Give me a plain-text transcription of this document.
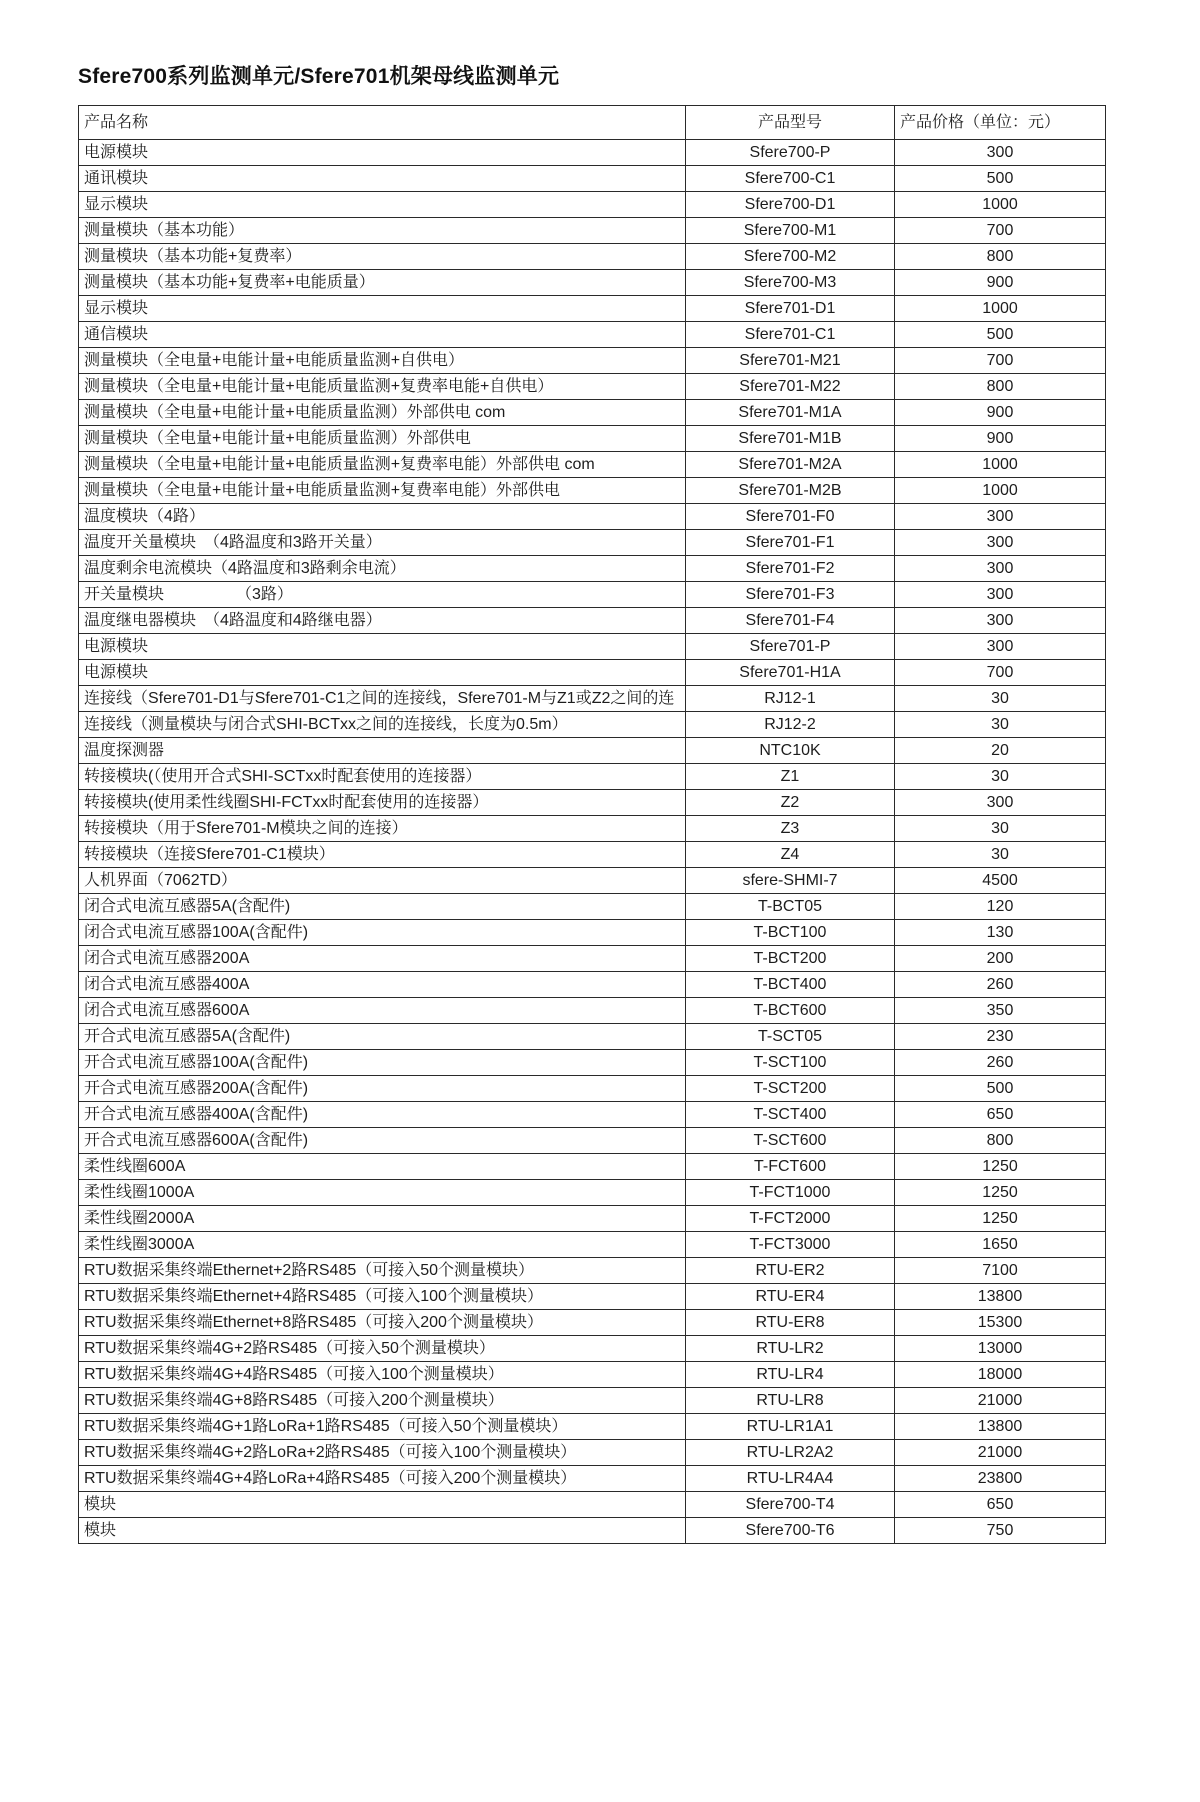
Sfere700系列监测单元/Sfere701机架母线监测单元
产品名称	产品型号	产品价格（单位：元）
电源模块	Sfere700-P	300
通讯模块	Sfere700-C1	500
显示模块	Sfere700-D1	1000
测量模块（基本功能）	Sfere700-M1	700
测量模块（基本功能+复费率）	Sfere700-M2	800
测量模块（基本功能+复费率+电能质量）	Sfere700-M3	900
显示模块	Sfere701-D1	1000
通信模块	Sfere701-C1	500
测量模块（全电量+电能计量+电能质量监测+自供电）	Sfere701-M21	700
测量模块（全电量+电能计量+电能质量监测+复费率电能+自供电）	Sfere701-M22	800
测量模块（全电量+电能计量+电能质量监测）外部供电 com	Sfere701-M1A	900
测量模块（全电量+电能计量+电能质量监测）外部供电	Sfere701-M1B	900
测量模块（全电量+电能计量+电能质量监测+复费率电能）外部供电 com	Sfere701-M2A	1000
测量模块（全电量+电能计量+电能质量监测+复费率电能）外部供电	Sfere701-M2B	1000
温度模块（4路）	Sfere701-F0	300
温度开关量模块　（4路温度和3路开关量）	Sfere701-F1	300
温度剩余电流模块（4路温度和3路剩余电流）	Sfere701-F2	300
开关量模块　　　　　（3路）	Sfere701-F3	300
温度继电器模块　（4路温度和4路继电器）	Sfere701-F4	300
电源模块	Sfere701-P	300
电源模块	Sfere701-H1A	700
连接线（Sfere701-D1与Sfere701-C1之间的连接线，Sfere701-M与Z1或Z2之间的连	RJ12-1	30
连接线（测量模块与闭合式SHI-BCTxx之间的连接线，长度为0.5m）	RJ12-2	30
温度探测器	NTC10K	20
转接模块(（使用开合式SHI-SCTxx时配套使用的连接器）	Z1	30
转接模块(使用柔性线圈SHI-FCTxx时配套使用的连接器）	Z2	300
转接模块（用于Sfere701-M模块之间的连接）	Z3	30
转接模块（连接Sfere701-C1模块）	Z4	30
人机界面（7062TD）	sfere-SHMI-7	4500
闭合式电流互感器5A(含配件)	T-BCT05	120
闭合式电流互感器100A(含配件)	T-BCT100	130
闭合式电流互感器200A	T-BCT200	200
闭合式电流互感器400A	T-BCT400	260
闭合式电流互感器600A	T-BCT600	350
开合式电流互感器5A(含配件)	T-SCT05	230
开合式电流互感器100A(含配件)	T-SCT100	260
开合式电流互感器200A(含配件)	T-SCT200	500
开合式电流互感器400A(含配件)	T-SCT400	650
开合式电流互感器600A(含配件)	T-SCT600	800
柔性线圈600A	T-FCT600	1250
柔性线圈1000A	T-FCT1000	1250
柔性线圈2000A	T-FCT2000	1250
柔性线圈3000A	T-FCT3000	1650
RTU数据采集终端Ethernet+2路RS485（可接入50个测量模块）	RTU-ER2	7100
RTU数据采集终端Ethernet+4路RS485（可接入100个测量模块）	RTU-ER4	13800
RTU数据采集终端Ethernet+8路RS485（可接入200个测量模块）	RTU-ER8	15300
RTU数据采集终端4G+2路RS485（可接入50个测量模块）	RTU-LR2	13000
RTU数据采集终端4G+4路RS485（可接入100个测量模块）	RTU-LR4	18000
RTU数据采集终端4G+8路RS485（可接入200个测量模块）	RTU-LR8	21000
RTU数据采集终端4G+1路LoRa+1路RS485（可接入50个测量模块）	RTU-LR1A1	13800
RTU数据采集终端4G+2路LoRa+2路RS485（可接入100个测量模块）	RTU-LR2A2	21000
RTU数据采集终端4G+4路LoRa+4路RS485（可接入200个测量模块）	RTU-LR4A4	23800
模块	Sfere700-T4	650
模块	Sfere700-T6	750
